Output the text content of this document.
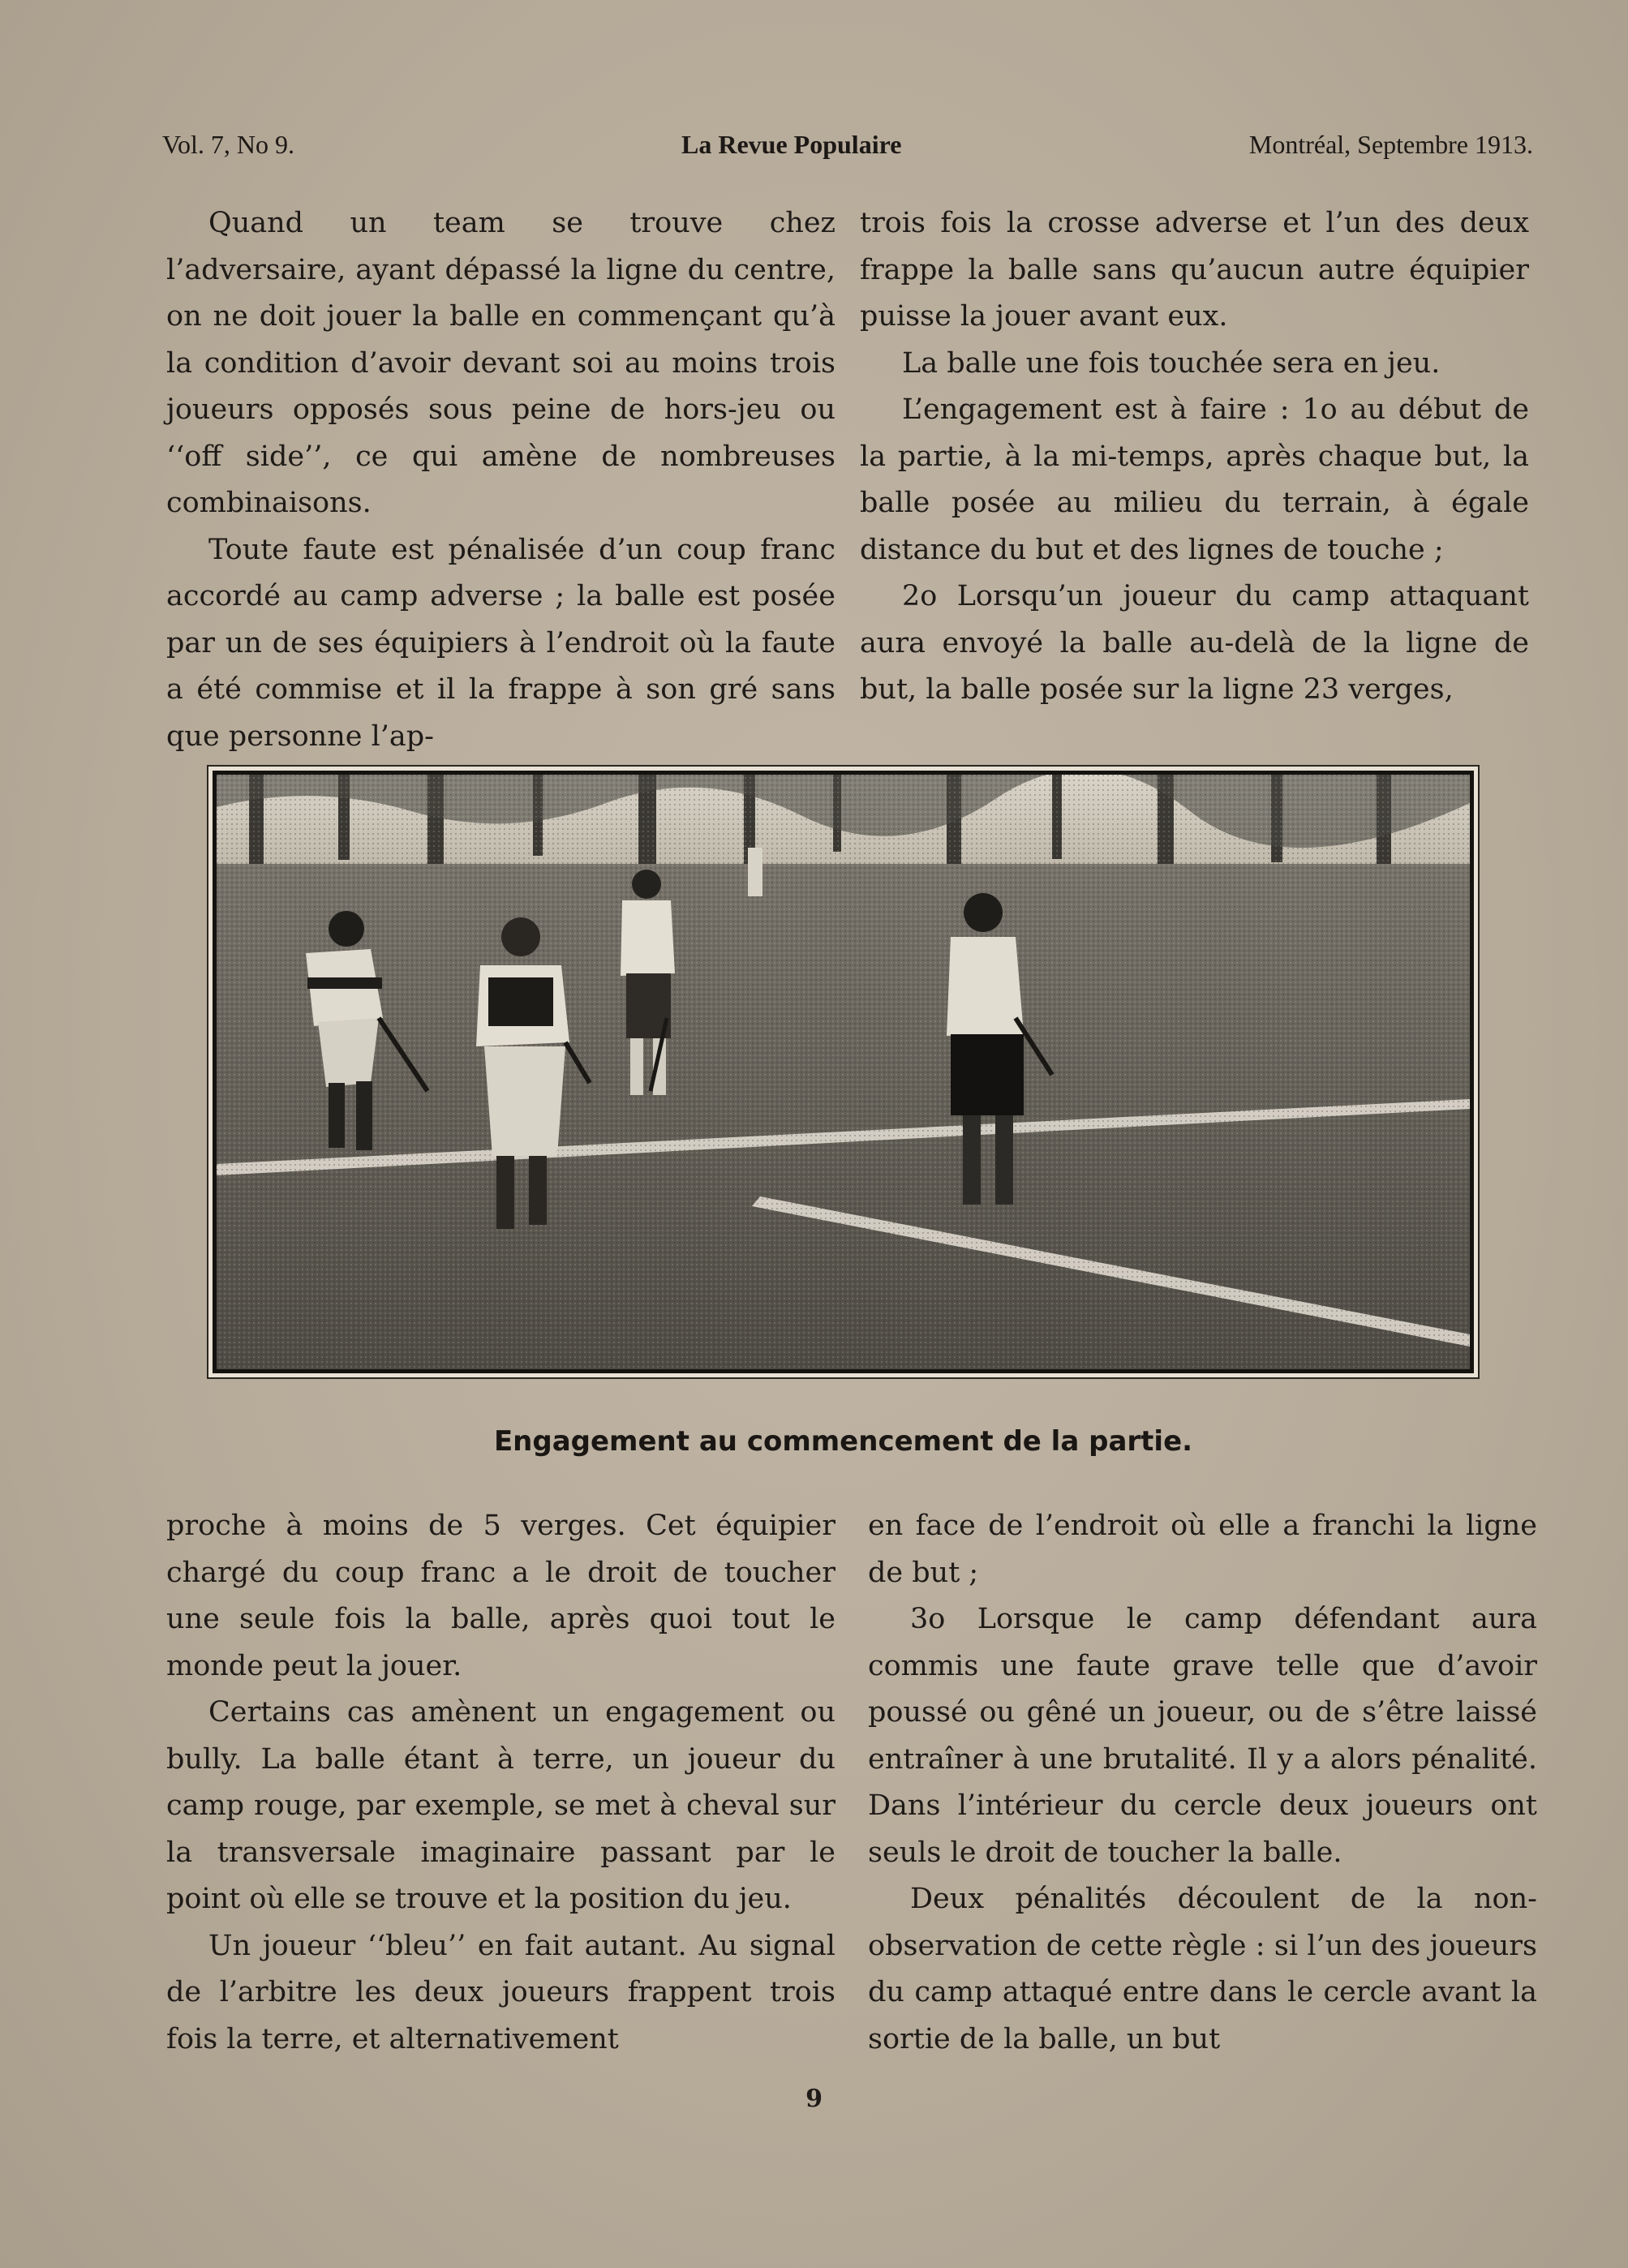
Vol. 7, No 9.	La Revue Populaire	Montréal, Septembre 1913.

Quand un team se trouve chez l’adversaire, ayant dépassé la ligne du centre, on ne doit jouer la balle en commençant qu’à la condition d’avoir devant soi au moins trois joueurs opposés sous peine de hors-jeu ou ‘‘off side’’, ce qui amène de nombreuses combinaisons.

Toute faute est pénalisée d’un coup franc accordé au camp adverse ; la balle est posée par un de ses équipiers à l’endroit où la faute a été commise et il la frappe à son gré sans que personne l’ap-

trois fois la crosse adverse et l’un des deux frappe la balle sans qu’aucun autre équipier puisse la jouer avant eux.

La balle une fois touchée sera en jeu.

L’engagement est à faire : 1o au début de la partie, à la mi-temps, après chaque but, la balle posée au milieu du terrain, à égale distance du but et des lignes de touche ;

2o Lorsqu’un joueur du camp attaquant aura envoyé la balle au-delà de la ligne de but, la balle posée sur la ligne 23 verges,

Engagement au commencement de la partie.

proche à moins de 5 verges. Cet équipier chargé du coup franc a le droit de toucher une seule fois la balle, après quoi tout le monde peut la jouer.

Certains cas amènent un engagement ou bully. La balle étant à terre, un joueur du camp rouge, par exemple, se met à cheval sur la transversale imaginaire passant par le point où elle se trouve et la position du jeu.

Un joueur ‘‘bleu’’ en fait autant. Au signal de l’arbitre les deux joueurs frappent trois fois la terre, et alternativement

en face de l’endroit où elle a franchi la ligne de but ;

3o Lorsque le camp défendant aura commis une faute grave telle que d’avoir poussé ou gêné un joueur, ou de s’être laissé entraîner à une brutalité. Il y a alors pénalité. Dans l’intérieur du cercle deux joueurs ont seuls le droit de toucher la balle.

Deux pénalités découlent de la non-observation de cette règle : si l’un des joueurs du camp attaqué entre dans le cercle avant la sortie de la balle, un but

9
